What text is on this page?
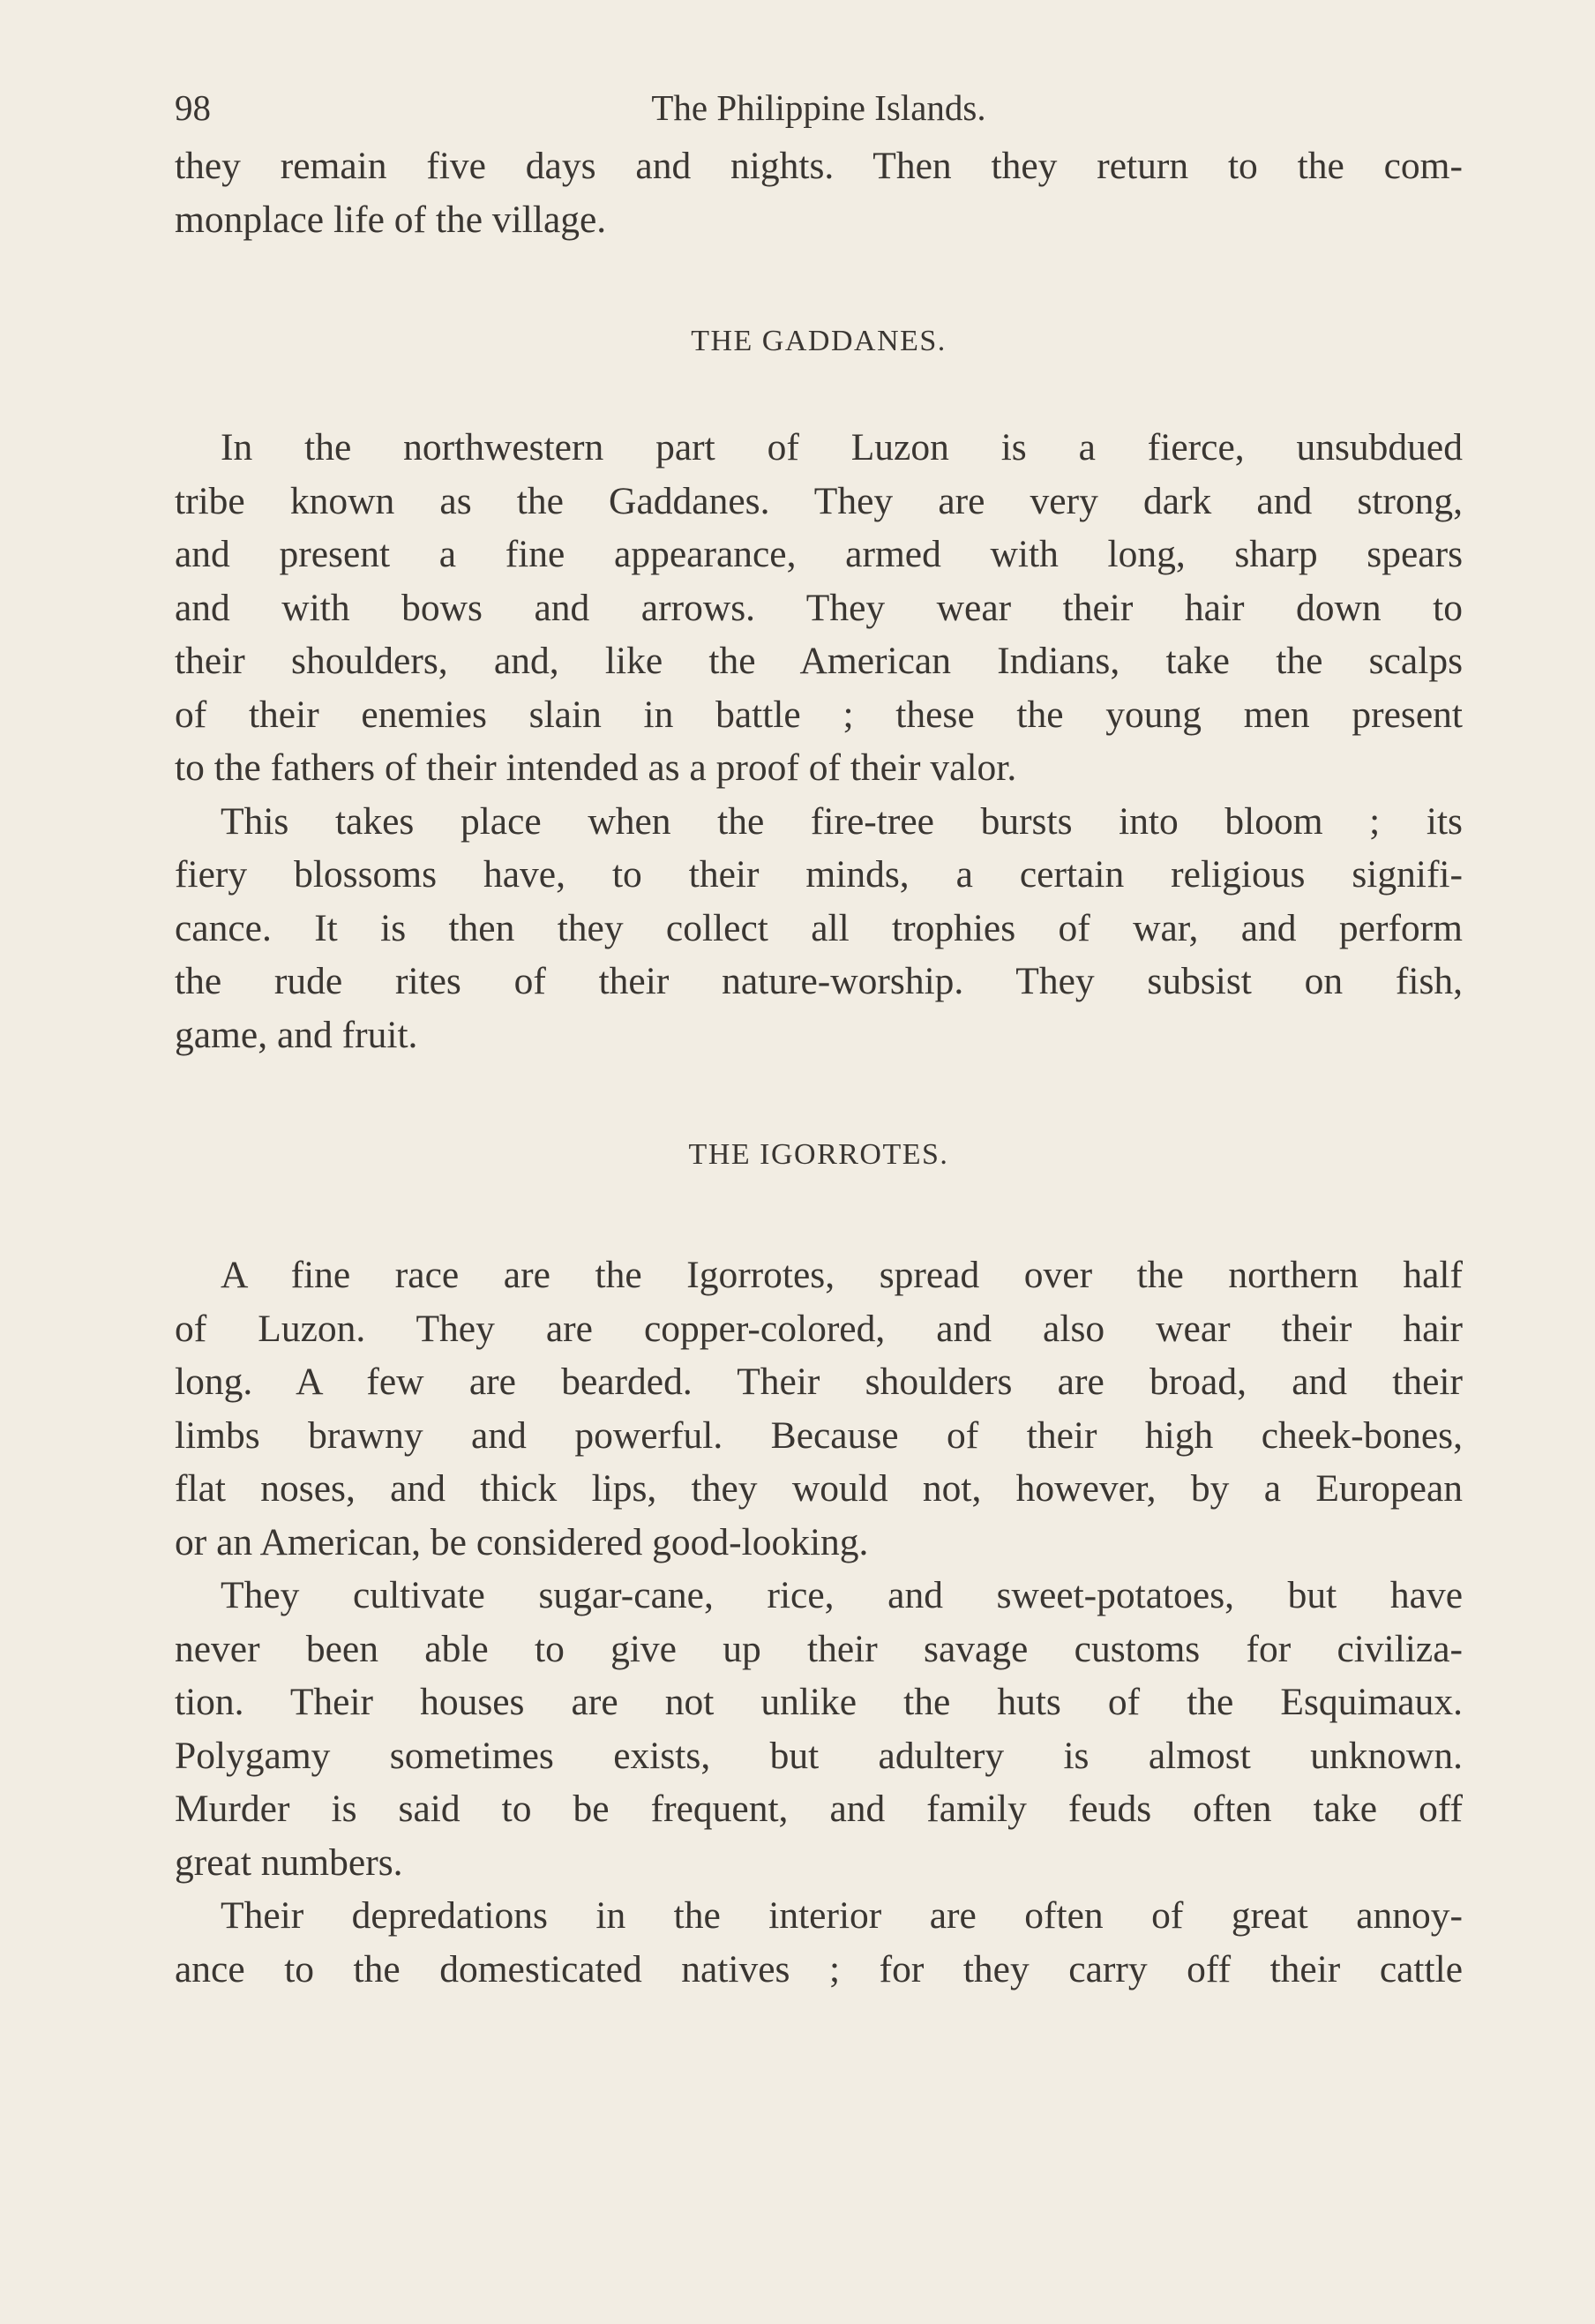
98	The Philippine Islands.
they remain five days and nights. Then they return to the com-
monplace life of the village.
THE GADDANES.
In the northwestern part of Luzon is a fierce, unsubdued
tribe known as the Gaddanes. They are very dark and strong,
and present a fine appearance, armed with long, sharp spears
and with bows and arrows. They wear their hair down to
their shoulders, and, like the American Indians, take the scalps
of their enemies slain in battle ; these the young men present
to the fathers of their intended as a proof of their valor.
This takes place when the fire-tree bursts into bloom ; its
fiery blossoms have, to their minds, a certain religious signifi-
cance. It is then they collect all trophies of war, and perform
the rude rites of their nature-worship. They subsist on fish,
game, and fruit.
THE IGORROTES.
A fine race are the Igorrotes, spread over the northern half
of Luzon. They are copper-colored, and also wear their hair
long. A few are bearded. Their shoulders are broad, and their
limbs brawny and powerful. Because of their high cheek-bones,
flat noses, and thick lips, they would not, however, by a European
or an American, be considered good-looking.
They cultivate sugar-cane, rice, and sweet-potatoes, but have
never been able to give up their savage customs for civiliza-
tion. Their houses are not unlike the huts of the Esquimaux.
Polygamy sometimes exists, but adultery is almost unknown.
Murder is said to be frequent, and family feuds often take off
great numbers.
Their depredations in the interior are often of great annoy-
ance to the domesticated natives ; for they carry off their cattle
